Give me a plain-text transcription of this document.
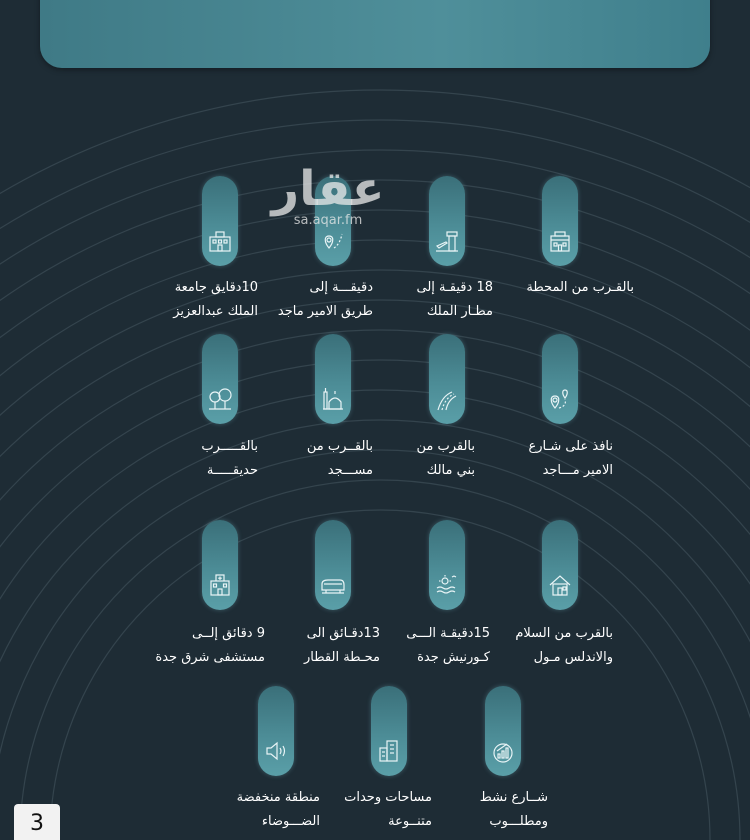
بالقـرب من المحطة
18 دقيقـة إلى
مطـار الملك
دقيقـــة إلى
طريق الامير ماجد
10دقايق جامعة
الملك عبدالعزيز
نافذ على شـارع
الامير مـــاجد
بالقرب من
بني مالك
بالقــرب من
مســـجد
بالقـــــرب
حديقـــــة
بالقرب من السلام
والاندلس مـول
15دقيقـة الـــى
كـورنيش جدة
13دقـائق الى
محـطة القطار
9 دقائق إلــى
مستشفى شرق جدة
شــارع نشط
ومطلـــوب
مساحات وحدات
متنــوعة
منطقة منخفضة
الضـــوضاء
عقار
sa.aqar.fm
3
